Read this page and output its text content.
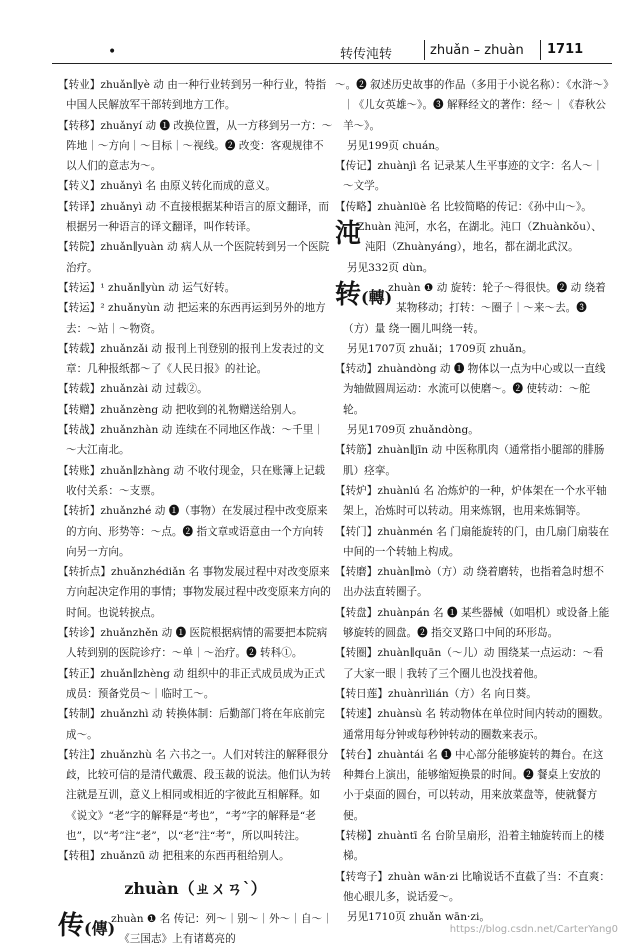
•	转传沌转	zhuǎn – zhuàn 1711

【转业】zhuǎn∥yè 动 由一种行业转到另一种行业，特指中国人民解放军干部转到地方工作。

【转移】zhuǎnyí 动 ❶ 改换位置，从一方移到另一方：～阵地｜～方向｜～目标｜～视线。❷ 改变：客观规律不以人们的意志为～。

【转义】zhuǎnyì 名 由原义转化而成的意义。

【转译】zhuǎnyì 动 不直接根据某种语言的原文翻译，而根据另一种语言的译文翻译，叫作转译。

【转院】zhuǎn∥yuàn 动 病人从一个医院转到另一个医院治疗。

【转运】¹ zhuǎn∥yùn 动 运气好转。

【转运】² zhuǎnyùn 动 把运来的东西再运到另外的地方去：～站｜～物资。

【转载】zhuǎnzǎi 动 报刊上刊登别的报刊上发表过的文章：几种报纸都～了《人民日报》的社论。

【转载】zhuǎnzài 动 过载②。

【转赠】zhuǎnzèng 动 把收到的礼物赠送给别人。

【转战】zhuǎnzhàn 动 连续在不同地区作战：～千里｜～大江南北。

【转账】zhuǎn∥zhàng 动 不收付现金，只在账簿上记载收付关系：～支票。

【转折】zhuǎnzhé 动 ❶（事物）在发展过程中改变原来的方向、形势等：～点。❷ 指文章或语意由一个方向转向另一方向。

【转折点】zhuǎnzhédiǎn 名 事物发展过程中对改变原来方向起决定作用的事情；事物发展过程中改变原来方向的时间。也说转捩点。

【转诊】zhuǎnzhěn 动 ❶ 医院根据病情的需要把本院病人转到别的医院诊疗：～单｜～治疗。❷ 转科①。

【转正】zhuǎn∥zhèng 动 组织中的非正式成员成为正式成员：预备党员～｜临时工～。

【转制】zhuǎnzhì 动 转换体制：后勤部门将在年底前完成～。

【转注】zhuǎnzhù 名 六书之一。人们对转注的解释很分歧，比较可信的是清代戴震、段玉裁的说法。他们认为转注就是互训，意义上相同或相近的字彼此互相解释。如《说文》“老”字的解释是“考也”，“考”字的解释是“老也”，以“考”注“老”，以“老”注“考”，所以叫转注。

【转租】zhuǎnzū 动 把租来的东西再租给别人。

zhuàn（ㄓㄨㄢˋ）
传(傳)

zhuàn ❶ 名 传记：列～｜别～｜外～｜自～｜《三国志》上有诸葛亮的

～。❷ 叙述历史故事的作品（多用于小说名称）：《水浒～》｜《儿女英雄～》。❸ 解释经文的著作：经～｜《春秋公羊～》。

另见199页 chuán。

【传记】zhuànjì 名 记录某人生平事迹的文字：名人～｜～文学。

【传略】zhuànlüè 名 比较简略的传记：《孙中山～》。

沌

Zhuàn 沌河，水名，在湖北。沌口（Zhuànkǒu）、沌阳（Zhuànyáng），地名，都在湖北武汉。

另见332页 dùn。

转(轉)

zhuàn ❶ 动 旋转：轮子～得很快。❷ 动 绕着某物移动；打转：～圈子｜～来～去。❸（方）量 绕一圈儿叫绕一转。

另见1707页 zhuǎi；1709页 zhuǎn。

【转动】zhuàndòng 动 ❶ 物体以一点为中心或以一直线为轴做圆周运动：水流可以使磨～。❷ 使转动：～舵轮。

另见1709页 zhuǎndòng。

【转筋】zhuàn∥jīn 动 中医称肌肉（通常指小腿部的腓肠肌）痉挛。

【转炉】zhuànlú 名 冶炼炉的一种，炉体架在一个水平轴架上，冶炼时可以转动。用来炼钢，也用来炼铜等。

【转门】zhuànmén 名 门扇能旋转的门，由几扇门扇装在中间的一个转轴上构成。

【转磨】zhuàn∥mò（方）动 绕着磨转，也指着急时想不出办法直转圈子。

【转盘】zhuànpán 名 ❶ 某些器械（如唱机）或设备上能够旋转的圆盘。❷ 指交叉路口中间的环形岛。

【转圈】zhuàn∥quān（～儿）动 围绕某一点运动：～看了大家一眼｜我转了三个圈儿也没找着他。

【转日莲】zhuànrìlián（方）名 向日葵。

【转速】zhuànsù 名 转动物体在单位时间内转动的圈数。通常用每分钟或每秒钟转动的圈数来表示。

【转台】zhuàntái 名 ❶ 中心部分能够旋转的舞台。在这种舞台上演出，能够缩短换景的时间。❷ 餐桌上安放的小于桌面的圆台，可以转动，用来放菜盘等，使就餐方便。

【转梯】zhuàntī 名 台阶呈扇形，沿着主轴旋转而上的楼梯。

【转弯子】zhuàn wān·zi 比喻说话不直截了当：不直爽：他心眼儿多，说话爱～。

另见1710页 zhuǎn wān·zi。

https://blog.csdn.net/CarterYang0
